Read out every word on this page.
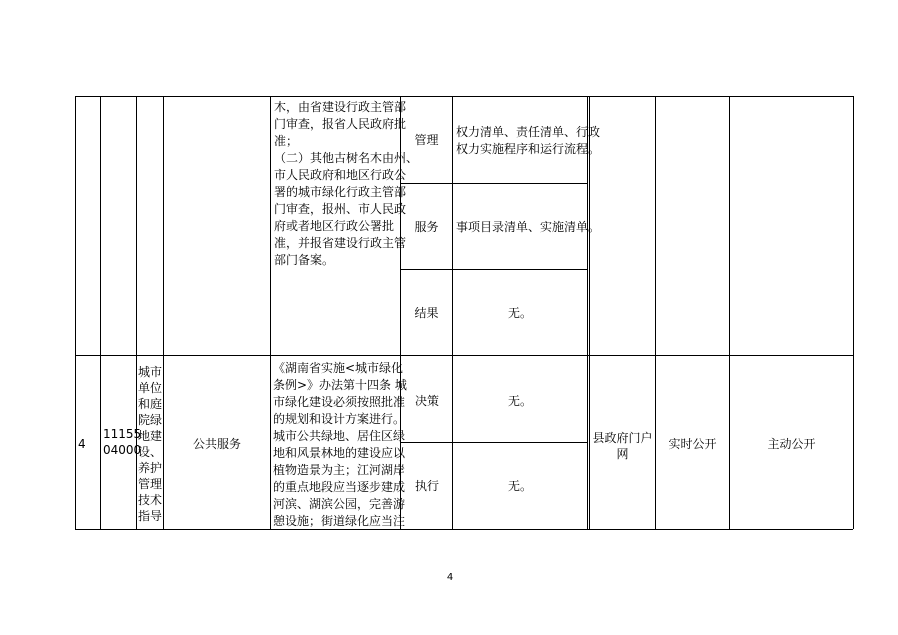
木，由省建设行政主管部
门审查，报省人民政府批
准；
（二）其他古树名木由州、
市人民政府和地区行政公
署的城市绿化行政主管部
门审查，报州、市人民政
府或者地区行政公署批
准，并报省建设行政主管
部门备案。
管理
服务
结果
权力清单、责任清单、行政
权力实施程序和运行流程。
事项目录清单、实施清单。
无。
4
11155
04000
城市
单位
和庭
院绿
地建
设、
养护
管理
技术
指导
公共服务
《湖南省实施<城市绿化
条例>》办法第十四条 城
市绿化建设必须按照批准
的规划和设计方案进行。
城市公共绿地、居住区绿
地和风景林地的建设应以
植物造景为主；江河湖岸
的重点地段应当逐步建成
河滨、湖滨公园，完善游
憩设施；街道绿化应当注
决策
执行
无。
无。
县政府门户
网
实时公开	主动公开
4
